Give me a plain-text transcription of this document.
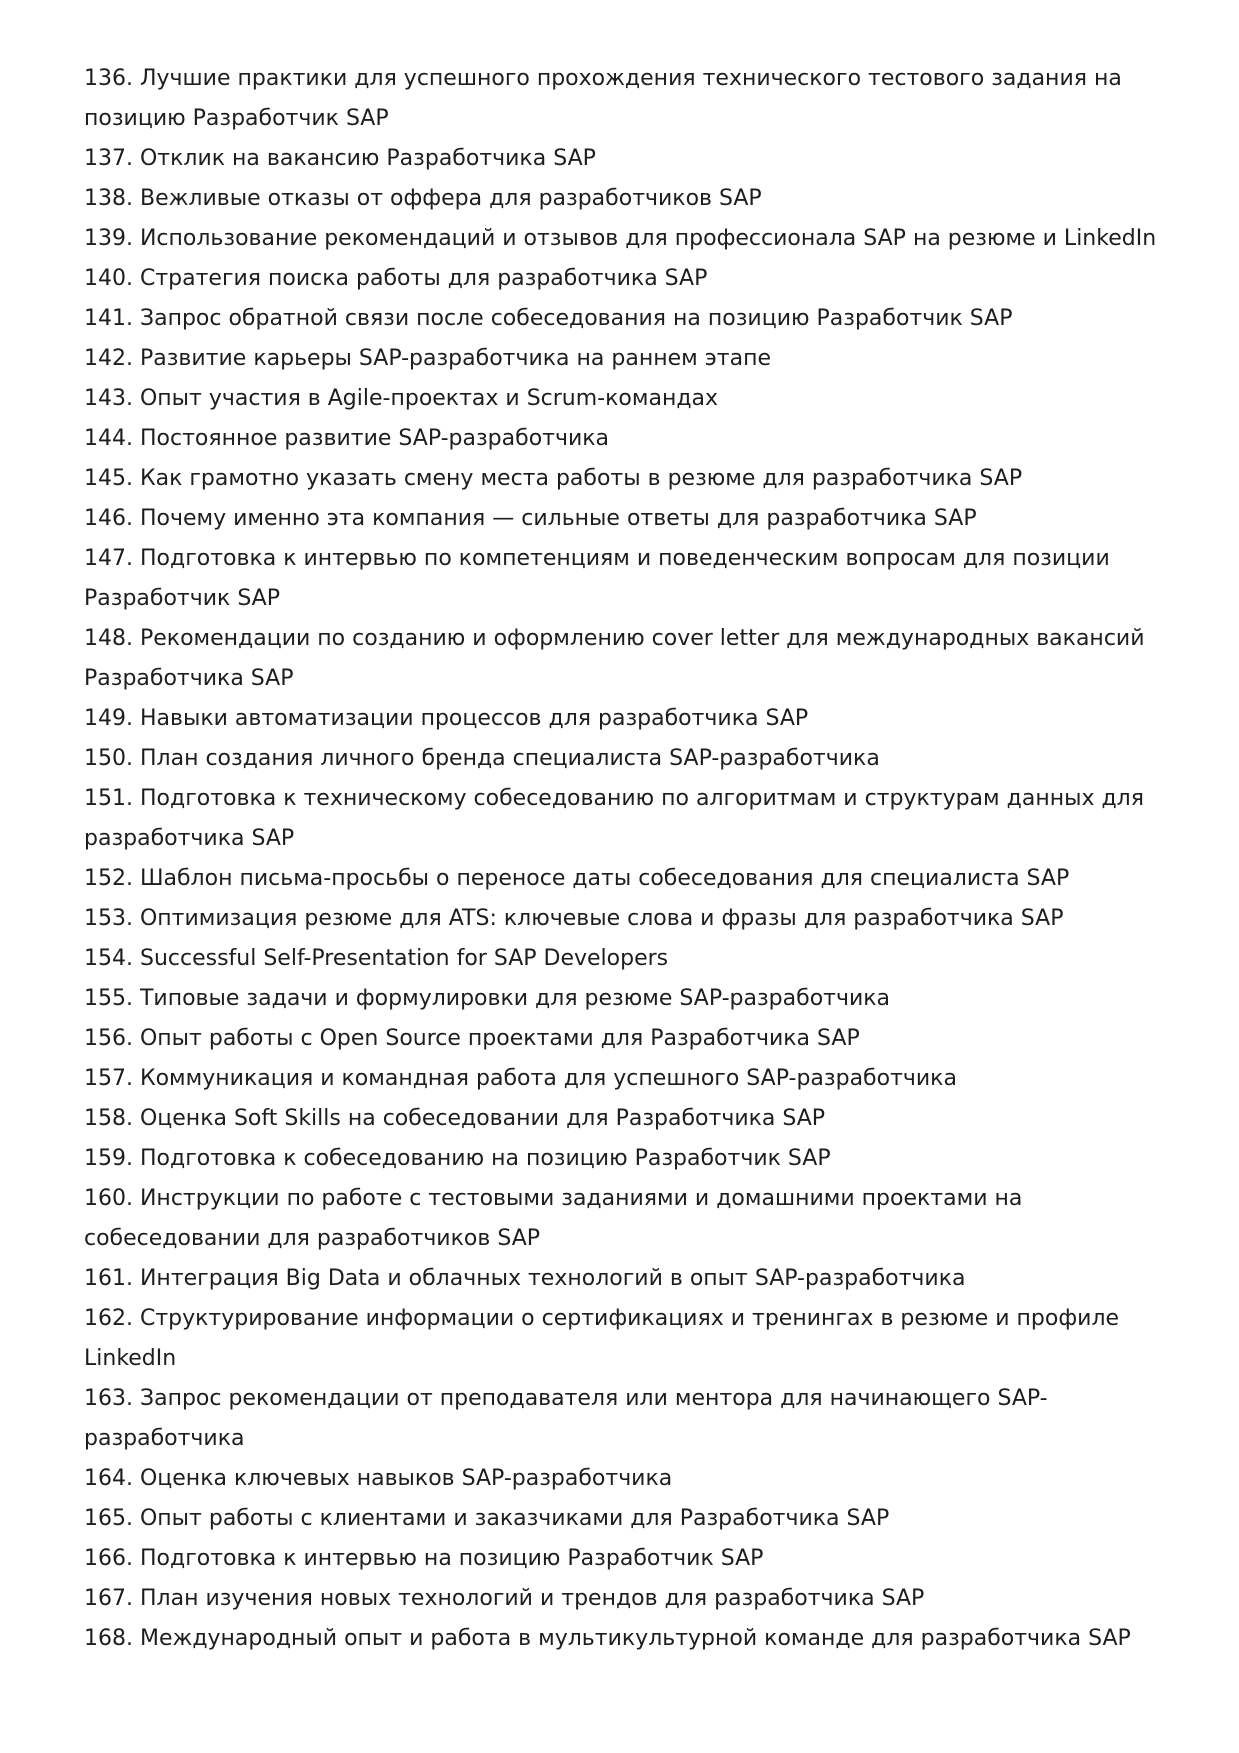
136. Лучшие практики для успешного прохождения технического тестового задания на позицию Разработчик SAP

137. Отклик на вакансию Разработчика SAP

138. Вежливые отказы от оффера для разработчиков SAP

139. Использование рекомендаций и отзывов для профессионала SAP на резюме и LinkedIn

140. Стратегия поиска работы для разработчика SAP

141. Запрос обратной связи после собеседования на позицию Разработчик SAP

142. Развитие карьеры SAP-разработчика на раннем этапе

143. Опыт участия в Agile-проектах и Scrum-командах

144. Постоянное развитие SAP-разработчика

145. Как грамотно указать смену места работы в резюме для разработчика SAP

146. Почему именно эта компания — сильные ответы для разработчика SAP

147. Подготовка к интервью по компетенциям и поведенческим вопросам для позиции Разработчик SAP

148. Рекомендации по созданию и оформлению cover letter для международных вакансий Разработчика SAP

149. Навыки автоматизации процессов для разработчика SAP

150. План создания личного бренда специалиста SAP-разработчика

151. Подготовка к техническому собеседованию по алгоритмам и структурам данных для разработчика SAP

152. Шаблон письма-просьбы о переносе даты собеседования для специалиста SAP

153. Оптимизация резюме для ATS: ключевые слова и фразы для разработчика SAP

154. Successful Self-Presentation for SAP Developers

155. Типовые задачи и формулировки для резюме SAP-разработчика

156. Опыт работы с Open Source проектами для Разработчика SAP

157. Коммуникация и командная работа для успешного SAP-разработчика

158. Оценка Soft Skills на собеседовании для Разработчика SAP

159. Подготовка к собеседованию на позицию Разработчик SAP

160. Инструкции по работе с тестовыми заданиями и домашними проектами на собеседовании для разработчиков SAP

161. Интеграция Big Data и облачных технологий в опыт SAP-разработчика

162. Структурирование информации о сертификациях и тренингах в резюме и профиле LinkedIn

163. Запрос рекомендации от преподавателя или ментора для начинающего SAP-разработчика

164. Оценка ключевых навыков SAP-разработчика

165. Опыт работы с клиентами и заказчиками для Разработчика SAP

166. Подготовка к интервью на позицию Разработчик SAP

167. План изучения новых технологий и трендов для разработчика SAP

168. Международный опыт и работа в мультикультурной команде для разработчика SAP
